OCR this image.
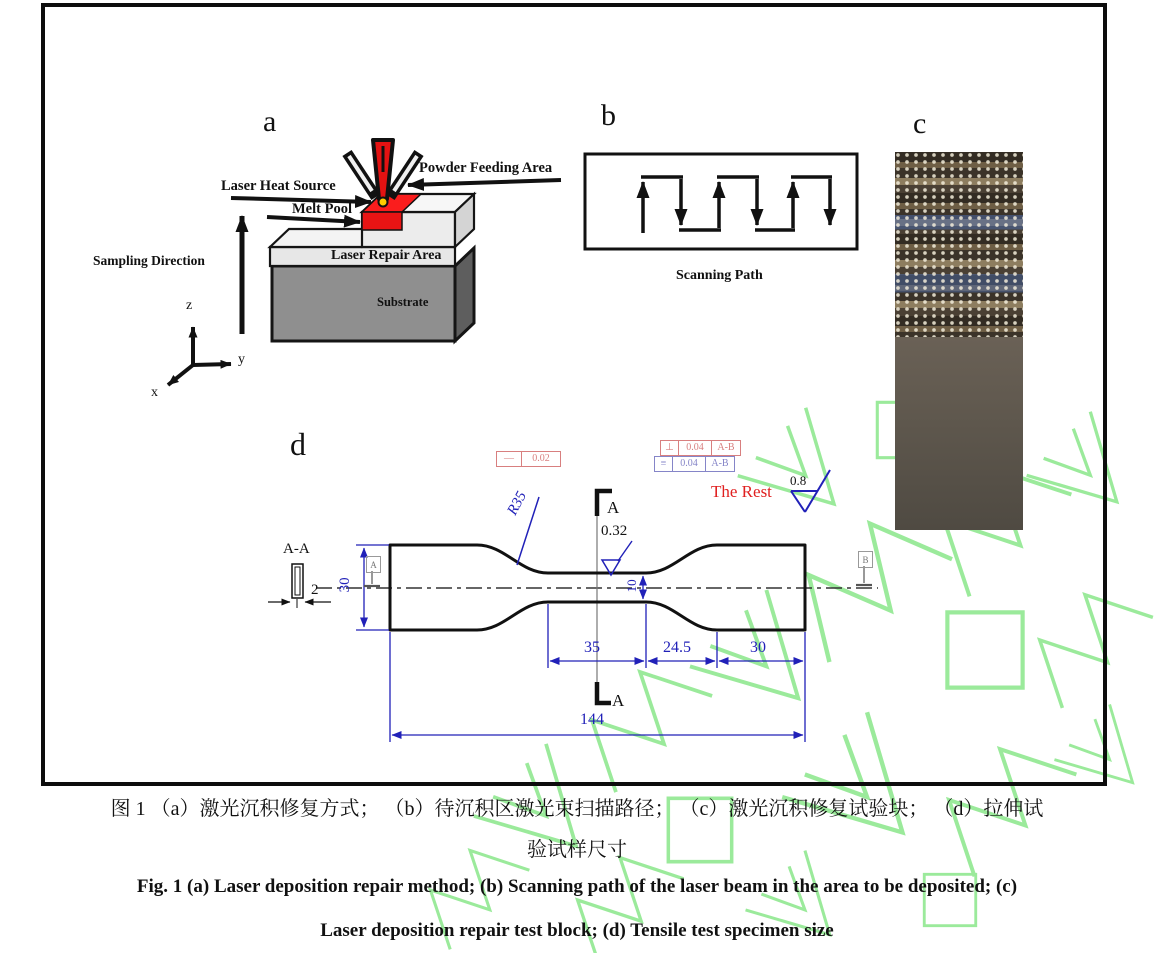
a	b	c
d
Powder Feeding Area
Laser Heat Source
Melt Pool
Laser Repair Area
Substrate
Sampling Direction
z
y
x
Scanning Path
A-A
2 30
R35	A
0.32
The Rest
0.8
10
35	24.5	30
144
A
A	B
—	0.02
⊥	0.04	A-B
≡	0.04	A-B
图 1 （a）激光沉积修复方式； （b）待沉积区激光束扫描路径； （c）激光沉积修复试验块； （d）拉伸试
验试样尺寸
Fig. 1 (a) Laser deposition repair method; (b) Scanning path of the laser beam in the area to be deposited; (c)
Laser deposition repair test block; (d) Tensile test specimen size
